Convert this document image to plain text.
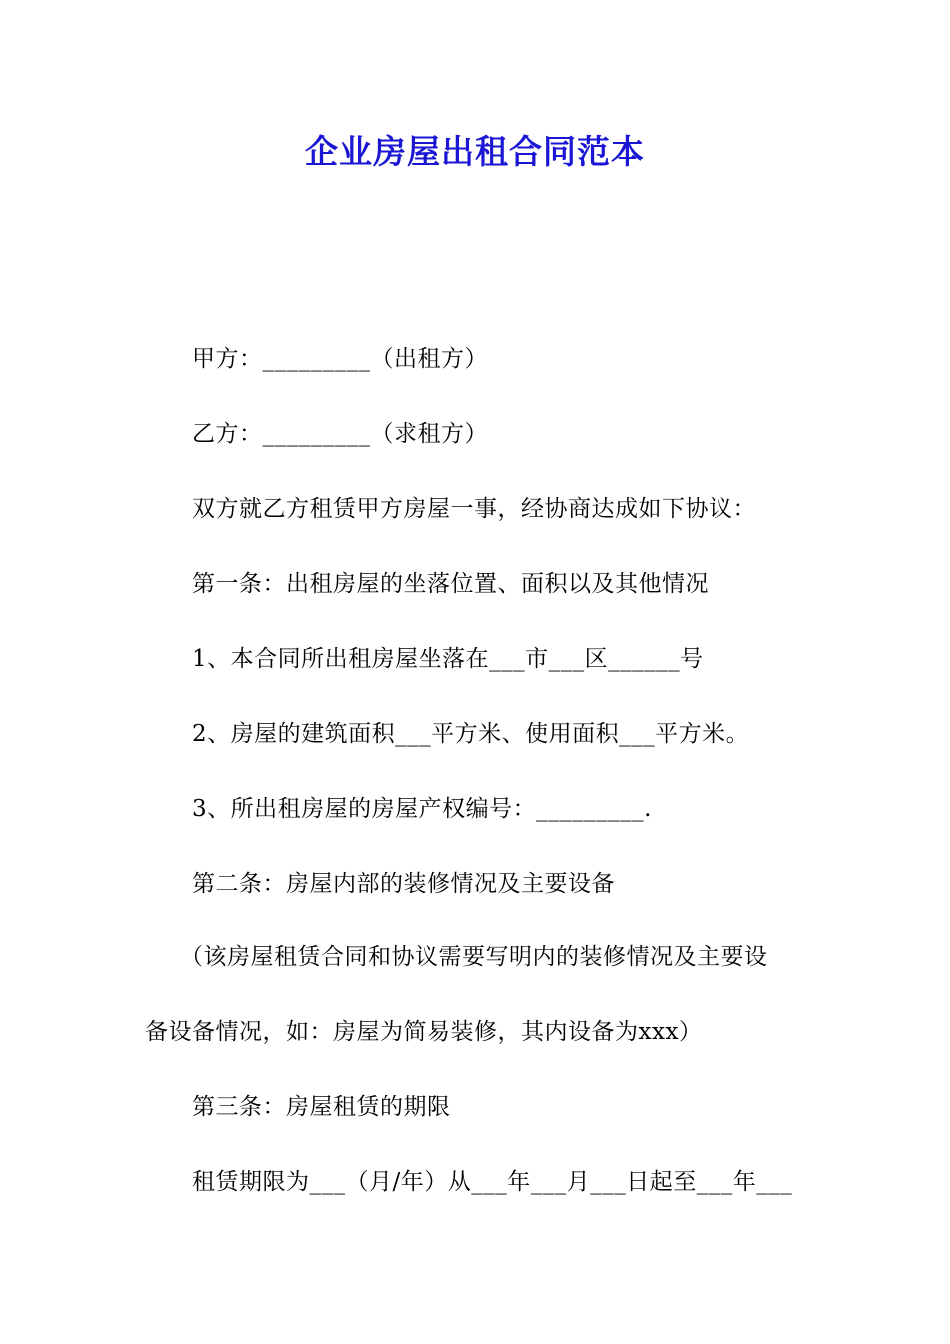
企业房屋出租合同范本

甲方：_________（出租方）

乙方：_________（求租方）

双方就乙方租赁甲方房屋一事，经协商达成如下协议：

第一条：出租房屋的坐落位置、面积以及其他情况

1、本合同所出租房屋坐落在___市___区______号

2、房屋的建筑面积___平方米、使用面积___平方米。

3、所出租房屋的房屋产权编号：_________.

第二条：房屋内部的装修情况及主要设备

（该房屋租赁合同和协议需要写明内的装修情况及主要设

备设备情况，如：房屋为简易装修，其内设备为xxx）

第三条：房屋租赁的期限

租赁期限为___（月/年）从___年___月___日起至___年___
